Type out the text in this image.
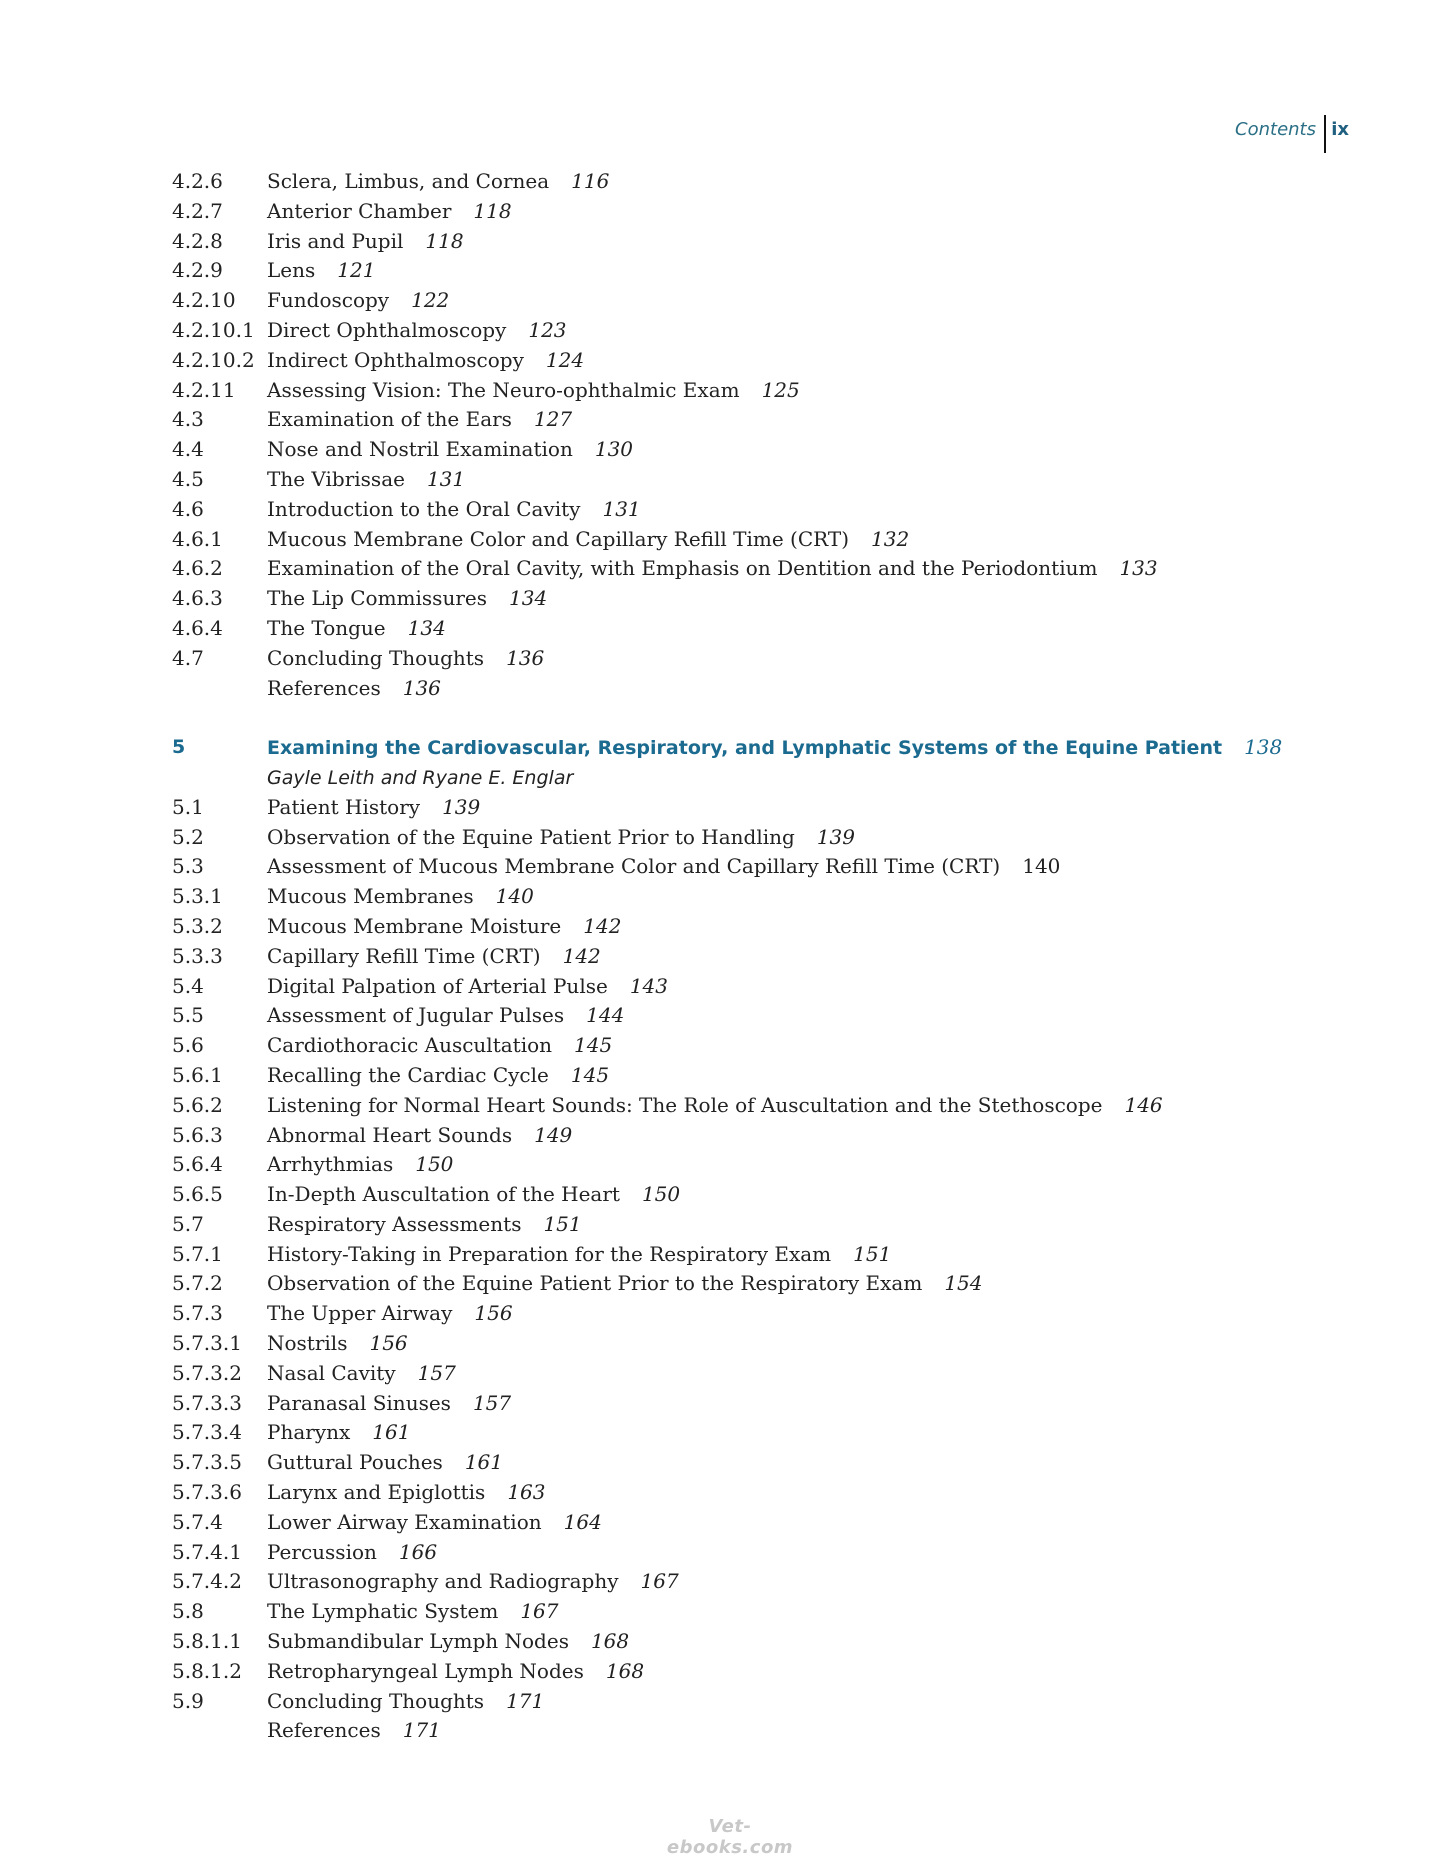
Contents ix
4.2.6 Sclera, Limbus, and Cornea 116
4.2.7 Anterior Chamber 118
4.2.8 Iris and Pupil 118
4.2.9 Lens 121
4.2.10 Fundoscopy 122
4.2.10.1 Direct Ophthalmoscopy 123
4.2.10.2 Indirect Ophthalmoscopy 124
4.2.11 Assessing Vision: The Neuro-ophthalmic Exam 125
4.3	Examination of the Ears 127
4.4	Nose and Nostril Examination 130
4.5	The Vibrissae 131
4.6	Introduction to the Oral Cavity 131
4.6.1 Mucous Membrane Color and Capillary Refill Time (CRT) 132
4.6.2 Examination of the Oral Cavity, with Emphasis on Dentition and the Periodontium 133
4.6.3 The Lip Commissures 134
4.6.4 The Tongue 134
4.7	Concluding Thoughts 136
References 136
5	Examining the Cardiovascular, Respiratory, and Lymphatic Systems of the Equine Patient 138
Gayle Leith and Ryane E. Englar
5.1	Patient History 139
5.2	Observation of the Equine Patient Prior to Handling 139
5.3	Assessment of Mucous Membrane Color and Capillary Refill Time (CRT) 140
5.3.1 Mucous Membranes 140
5.3.2 Mucous Membrane Moisture 142
5.3.3 Capillary Refill Time (CRT) 142
5.4	Digital Palpation of Arterial Pulse 143
5.5	Assessment of Jugular Pulses 144
5.6	Cardiothoracic Auscultation 145
5.6.1 Recalling the Cardiac Cycle 145
5.6.2 Listening for Normal Heart Sounds: The Role of Auscultation and the Stethoscope 146
5.6.3 Abnormal Heart Sounds 149
5.6.4 Arrhythmias 150
5.6.5 In-Depth Auscultation of the Heart 150
5.7	Respiratory Assessments 151
5.7.1 History-Taking in Preparation for the Respiratory Exam 151
5.7.2 Observation of the Equine Patient Prior to the Respiratory Exam 154
5.7.3 The Upper Airway 156
5.7.3.1 Nostrils 156
5.7.3.2 Nasal Cavity 157
5.7.3.3 Paranasal Sinuses 157
5.7.3.4 Pharynx 161
5.7.3.5 Guttural Pouches 161
5.7.3.6 Larynx and Epiglottis 163
5.7.4 Lower Airway Examination 164
5.7.4.1 Percussion 166
5.7.4.2 Ultrasonography and Radiography 167
5.8	The Lymphatic System 167
5.8.1.1 Submandibular Lymph Nodes 168
5.8.1.2 Retropharyngeal Lymph Nodes 168
5.9	Concluding Thoughts 171
References 171
Vet-ebooks.com
